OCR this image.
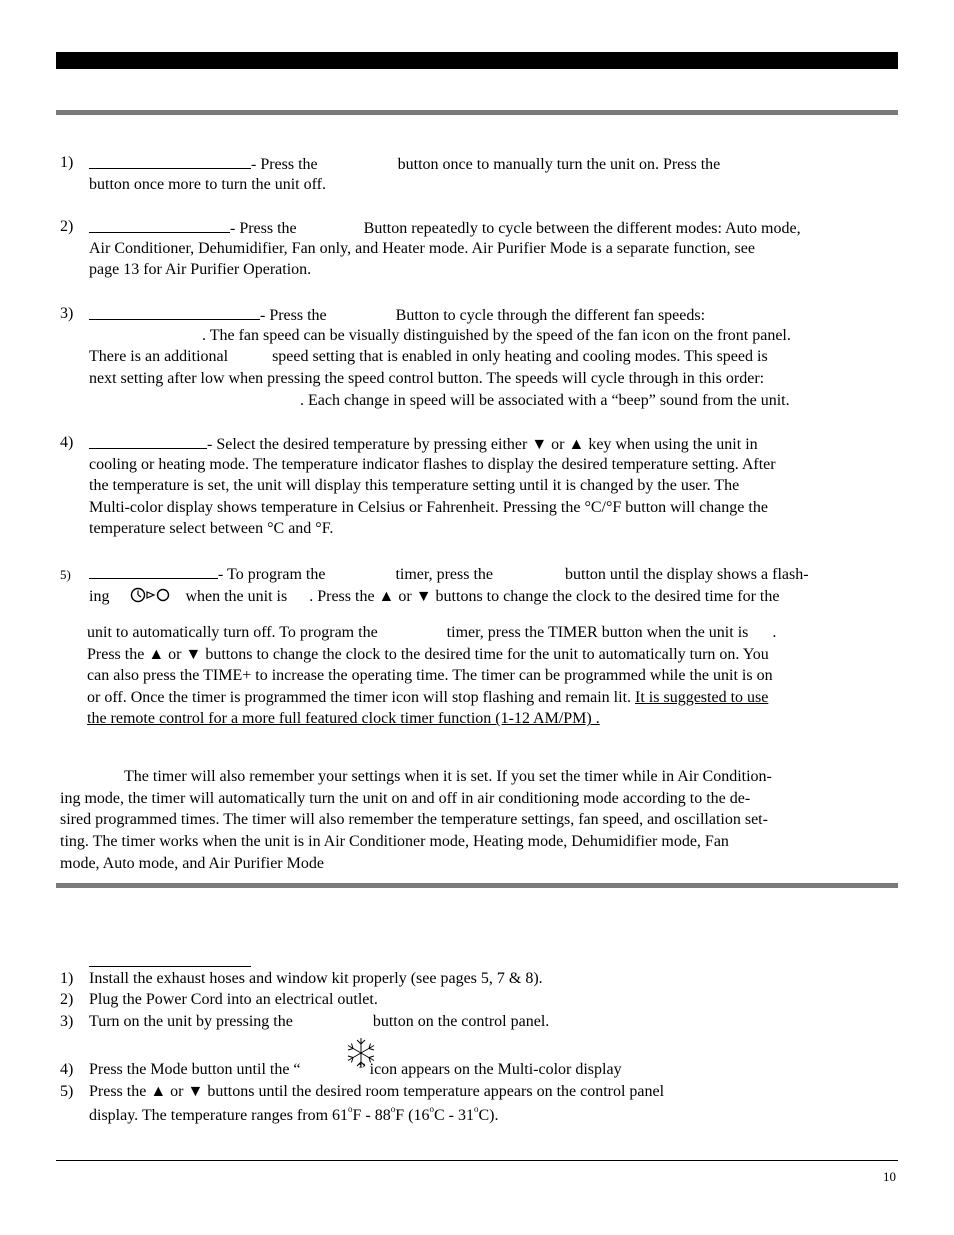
1)	- Press the	button once to manually turn the unit on. Press the
button once more to turn the unit off.
2)	- Press the	Button repeatedly to cycle between the different modes: Auto mode,
Air Conditioner, Dehumidifier, Fan only, and Heater mode. Air Purifier Mode is a separate function, see
page 13 for Air Purifier Operation.
3)	- Press the	Button to cycle through the different fan speeds:
. The fan speed can be visually distinguished by the speed of the fan icon on the front panel.
There is an additional	speed setting that is enabled in only heating and cooling modes. This speed is
next setting after low when pressing the speed control button. The speeds will cycle through in this order:
. Each change in speed will be associated with a “beep” sound from the unit.
4)	- Select the desired temperature by pressing either ▼ or ▲ key when using the unit in
cooling or heating mode. The temperature indicator flashes to display the desired temperature setting. After
the temperature is set, the unit will display this temperature setting until it is changed by the user. The
Multi-color display shows temperature in Celsius or Fahrenheit. Pressing the °C/°F button will change the
temperature select between °C and °F.
5)	- To program the	timer, press the	button until the display shows a flash-
ing	when the unit is . Press the ▲ or ▼ buttons to change the clock to the desired time for the
unit to automatically turn off. To program the	timer, press the TIMER button when the unit is .
Press the ▲ or ▼ buttons to change the clock to the desired time for the unit to automatically turn on. You
can also press the TIME+ to increase the operating time. The timer can be programmed while the unit is on
or off. Once the timer is programmed the timer icon will stop flashing and remain lit. It is suggested to use
the remote control for a more full featured clock timer function (1-12 AM/PM) .
The timer will also remember your settings when it is set. If you set the timer while in Air Condition-
ing mode, the timer will automatically turn the unit on and off in air conditioning mode according to the de-
sired programmed times. The timer will also remember the temperature settings, fan speed, and oscillation set-
ting. The timer works when the unit is in Air Conditioner mode, Heating mode, Dehumidifier mode, Fan
mode, Auto mode, and Air Purifier Mode
1) Install the exhaust hoses and window kit properly (see pages 5, 7 & 8).
2) Plug the Power Cord into an electrical outlet.
3) Turn on the unit by pressing the	button on the control panel.
4) Press the Mode button until the “	” icon appears on the Multi-color display
5) Press the ▲ or ▼ buttons until the desired room temperature appears on the control panel
display. The temperature ranges from 61$^o$F - 88$^o$F (16$^o$C - 31$^o$C).
10
